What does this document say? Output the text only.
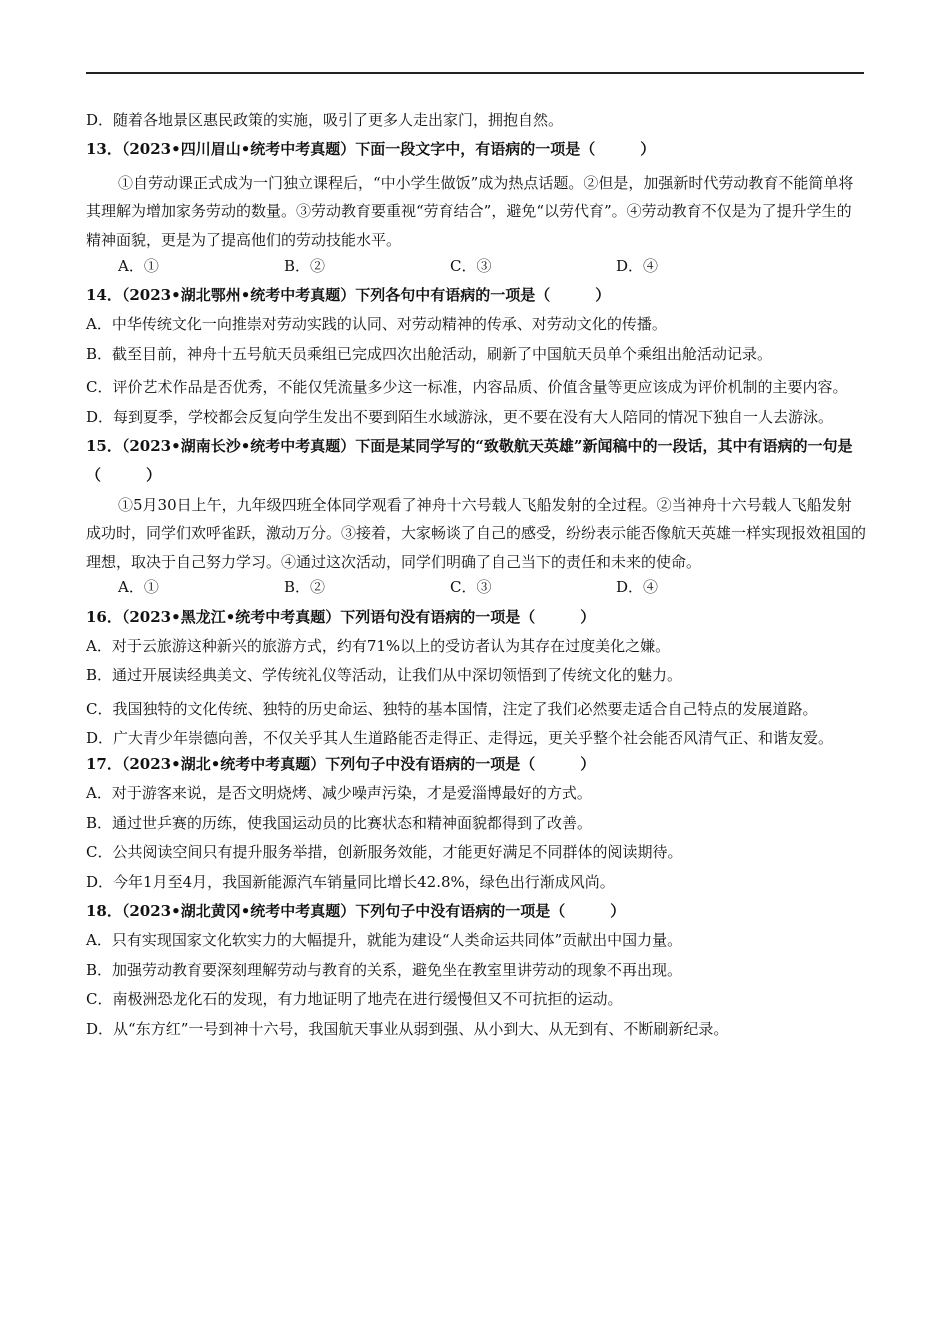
D．随着各地景区惠民政策的实施，吸引了更多人走出家门，拥抱自然。
13．（2023•四川眉山•统考中考真题）下面一段文字中，有语病的一项是（　　　）
①自劳动课正式成为一门独立课程后，“中小学生做饭”成为热点话题。②但是，加强新时代劳动教育不能简单将其理解为增加家务劳动的数量。③劳动教育要重视“劳育结合”，避免“以劳代育”。④劳动教育不仅是为了提升学生的精神面貌，更是为了提高他们的劳动技能水平。
A．①	B．②	C．③	D．④
14．（2023•湖北鄂州•统考中考真题）下列各句中有语病的一项是（　　　）
A．中华传统文化一向推崇对劳动实践的认同、对劳动精神的传承、对劳动文化的传播。
B．截至目前，神舟十五号航天员乘组已完成四次出舱活动，刷新了中国航天员单个乘组出舱活动记录。
C．评价艺术作品是否优秀，不能仅凭流量多少这一标准，内容品质、价值含量等更应该成为评价机制的主要内容。
D．每到夏季，学校都会反复向学生发出不要到陌生水域游泳，更不要在没有大人陪同的情况下独自一人去游泳。
15．（2023•湖南长沙•统考中考真题）下面是某同学写的“致敬航天英雄”新闻稿中的一段话，其中有语病的一句是（　　　）
①5月30日上午，九年级四班全体同学观看了神舟十六号载人飞船发射的全过程。②当神舟十六号载人飞船发射成功时，同学们欢呼雀跃，激动万分。③接着，大家畅谈了自己的感受，纷纷表示能否像航天英雄一样实现报效祖国的理想，取决于自己努力学习。④通过这次活动，同学们明确了自己当下的责任和未来的使命。
A．①	B．②	C．③	D．④
16．（2023•黑龙江•统考中考真题）下列语句没有语病的一项是（　　　）
A．对于云旅游这种新兴的旅游方式，约有71%以上的受访者认为其存在过度美化之嫌。
B．通过开展读经典美文、学传统礼仪等活动，让我们从中深切领悟到了传统文化的魅力。
C．我国独特的文化传统、独特的历史命运、独特的基本国情，注定了我们必然要走适合自己特点的发展道路。
D．广大青少年崇德向善，不仅关乎其人生道路能否走得正、走得远，更关乎整个社会能否风清气正、和谐友爱。
17．（2023•湖北•统考中考真题）下列句子中没有语病的一项是（　　　）
A．对于游客来说，是否文明烧烤、减少噪声污染，才是爱淄博最好的方式。
B．通过世乒赛的历练，使我国运动员的比赛状态和精神面貌都得到了改善。
C．公共阅读空间只有提升服务举措，创新服务效能，才能更好满足不同群体的阅读期待。
D．今年1月至4月，我国新能源汽车销量同比增长42.8%，绿色出行渐成风尚。
18．（2023•湖北黄冈•统考中考真题）下列句子中没有语病的一项是（　　　）
A．只有实现国家文化软实力的大幅提升，就能为建设“人类命运共同体”贡献出中国力量。
B．加强劳动教育要深刻理解劳动与教育的关系，避免坐在教室里讲劳动的现象不再出现。
C．南极洲恐龙化石的发现，有力地证明了地壳在进行缓慢但又不可抗拒的运动。
D．从“东方红”一号到神十六号，我国航天事业从弱到强、从小到大、从无到有、不断刷新纪录。
